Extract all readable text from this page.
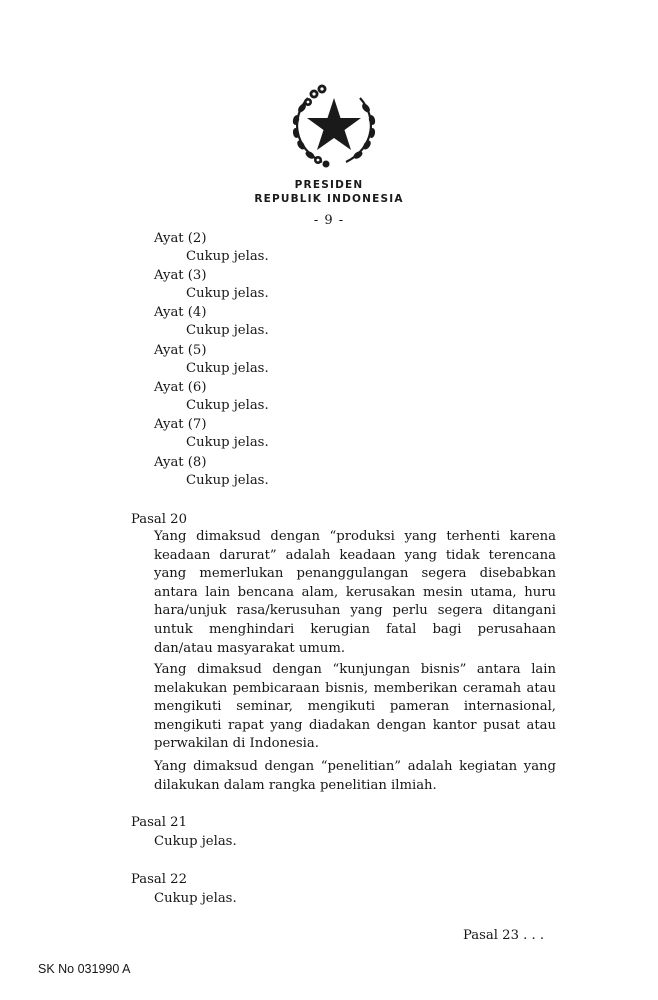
PRESIDEN
REPUBLIK INDONESIA
- 9 -
Ayat (2)
Cukup jelas.
Ayat (3)
Cukup jelas.
Ayat (4)
Cukup jelas.
Ayat (5)
Cukup jelas.
Ayat (6)
Cukup jelas.
Ayat (7)
Cukup jelas.
Ayat (8)
Cukup jelas.
Pasal 20

Yang dimaksud dengan “produksi yang terhenti karena keadaan darurat” adalah keadaan yang tidak terencana yang memerlukan penanggulangan segera disebabkan antara lain bencana alam, kerusakan mesin utama, huru hara/unjuk rasa/kerusuhan yang perlu segera ditangani untuk menghindari kerugian fatal bagi perusahaan dan/atau masyarakat umum.

Yang dimaksud dengan “kunjungan bisnis” antara lain melakukan pembicaraan bisnis, memberikan ceramah atau mengikuti seminar, mengikuti pameran internasional, mengikuti rapat yang diadakan dengan kantor pusat atau perwakilan di Indonesia.

Yang dimaksud dengan “penelitian” adalah kegiatan yang dilakukan dalam rangka penelitian ilmiah.

Pasal 21
Cukup jelas.
Pasal 22
Cukup jelas.
Pasal 23 . . .
SK No 031990 A
